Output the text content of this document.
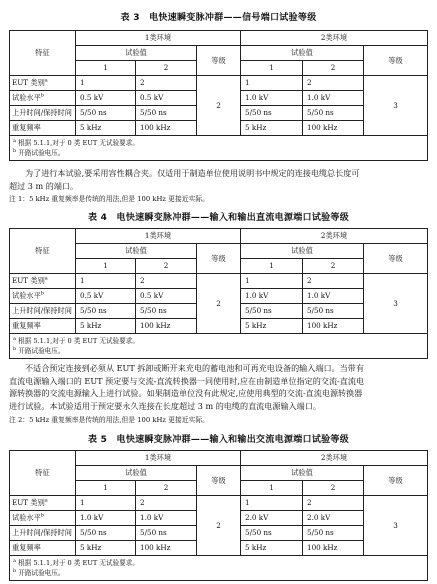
表 3　电快速瞬变脉冲群——信号端口试验等级
特征	1类环境			2类环境		
	试验值		等级	试验值		等级
	1	2		1	2	
EUT 类别$^a$	1	2	2	1	2	3
试验水平$^b$	0.5 kV	0.5 kV		1.0 kV	1.0 kV	
上升时间/保持时间	5/50 ns	5/50 ns		5/50 ns	5/50 ns	
重复频率	5 kHz	100 kHz		5 kHz	100 kHz	

$^a$ 根据 5.1.1,对于 0 类 EUT 无试验要求。
$^b$ 开路试验电压。						
为了进行本试验,要采用容性耦合夹。仅适用于制造单位使用说明书中规定的连接电缆总长度可
超过 3 m 的端口。
注 1：5 kHz 重复频率是传统的用法,但是 100 kHz 更接近实际。
表 4　电快速瞬变脉冲群——输入和输出直流电源端口试验等级
特征	1类环境			2类环境		
	试验值		等级	试验值		等级
	1	2		1	2	
EUT 类别$^a$	1	2	2	1	2	3
试验水平$^b$	0.5 kV	0.5 kV		1.0 kV	1.0 kV	
上升时间/保持时间	5/50 ns	5/50 ns		5/50 ns	5/50 ns	
重复频率	5 kHz	100 kHz		5 kHz	100 kHz	

$^a$ 根据 5.1.1,对于 0 类 EUT 无试验要求。
$^b$ 开路试验电压。						
不适合预定连接到必须从 EUT 拆卸或断开来充电的蓄电池和可再充电设备的输入端口。当带有
直流电源输入端口的 EUT 预定要与交流-直流转换器一同使用时,应在由制造单位指定的交流-直流电
源转换器的交流电源输入上进行试验。如果制造单位没有此规定,应使用典型的交流-直流电源转换器
进行试验。本试验适用于预定要永久连接在长度超过 3 m 的电缆的直流电源输入端口。
注 2：5 kHz 重复频率是传统的用法,但是 100 kHz 更接近实际。
表 5　电快速瞬变脉冲群——输入和输出交流电源端口试验等级
特征	1类环境			2类环境		
	试验值		等级	试验值		等级
	1	2		1	2	
EUT 类别$^a$	1	2	2	1	2	3
试验水平$^b$	1.0 kV	1.0 kV		2.0 kV	2.0 kV	
上升时间/保持时间	5/50 ns	5/50 ns		5/50 ns	5/50 ns	
重复频率	5 kHz	100 kHz		5 kHz	100 kHz	

$^a$ 根据 5.1.1,对于 0 类 EUT 无试验要求。
$^b$ 开路试验电压。						
